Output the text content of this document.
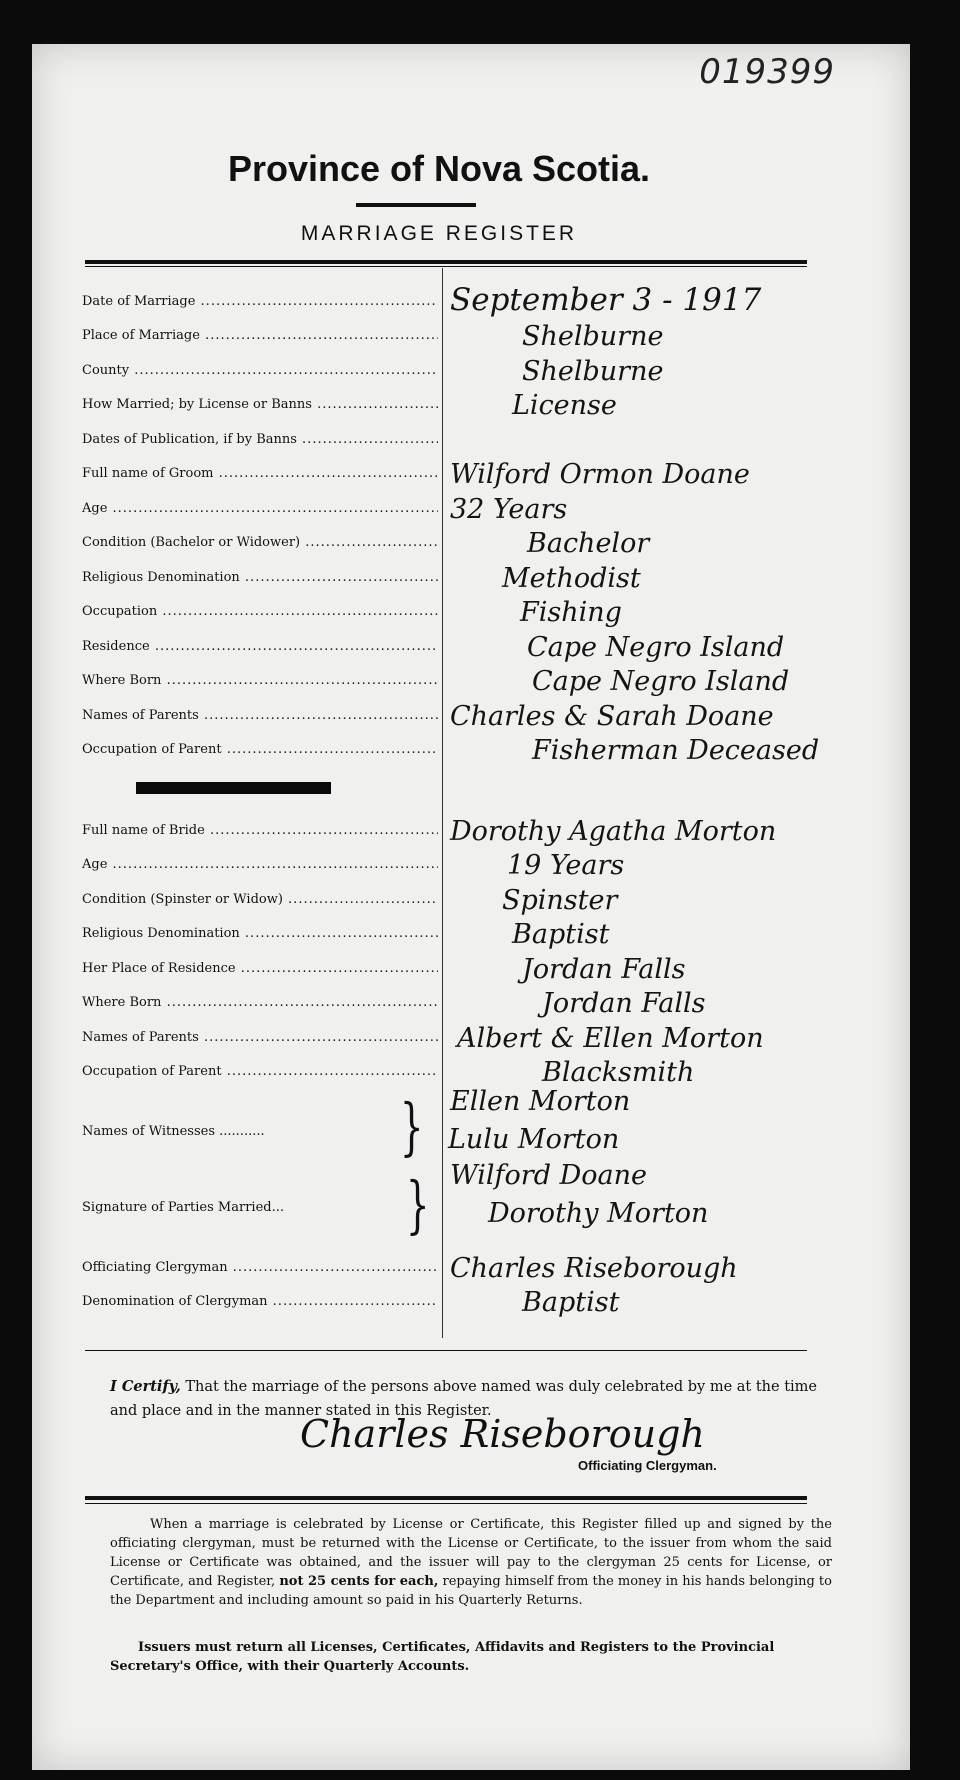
019399
Province of Nova Scotia.
MARRIAGE REGISTER
Date of Marriage .....	September 3 - 1917
Place of Marriage .....	Shelburne
County .....	Shelburne
How Married; by License or Banns .....	License
Dates of Publication, if by Banns .....
Full name of Groom .....	Wilford Ormon Doane
Age .....	32 Years
Condition (Bachelor or Widower) .....	Bachelor
Religious Denomination .....	Methodist
Occupation .....	Fishing
Residence .....	Cape Negro Island
Where Born .....	Cape Negro Island
Names of Parents .....	Charles & Sarah Doane
Occupation of Parent .....	Fisherman Deceased
Full name of Bride .....	Dorothy Agatha Morton
Age .....	19 Years
Condition (Spinster or Widow) .....	Spinster
Religious Denomination .....	Baptist
Her Place of Residence .....	Jordan Falls
Where Born .....	Jordan Falls
Names of Parents .....	Albert & Ellen Morton
Occupation of Parent .....	Blacksmith
Names of Witnesses ........... } Ellen Morton
Lulu Morton
Signature of Parties Married... } Wilford Doane
Dorothy Morton
Officiating Clergyman .....	Charles Riseborough
Denomination of Clergyman .....	Baptist
I Certify, That the marriage of the persons above named was duly celebrated by me at the time and place and in the manner stated in this Register.
Charles Riseborough
Officiating Clergyman.
When a marriage is celebrated by License or Certificate, this Register filled up and signed by the officiating clergyman, must be returned with the License or Certificate, to the issuer from whom the said License or Certificate was obtained, and the issuer will pay to the clergyman 25 cents for License, or Certificate, and Register, not 25 cents for each, repaying himself from the money in his hands belonging to the Department and including amount so paid in his Quarterly Returns.
Issuers must return all Licenses, Certificates, Affidavits and Registers to the Provincial Secretary's Office, with their Quarterly Accounts.
